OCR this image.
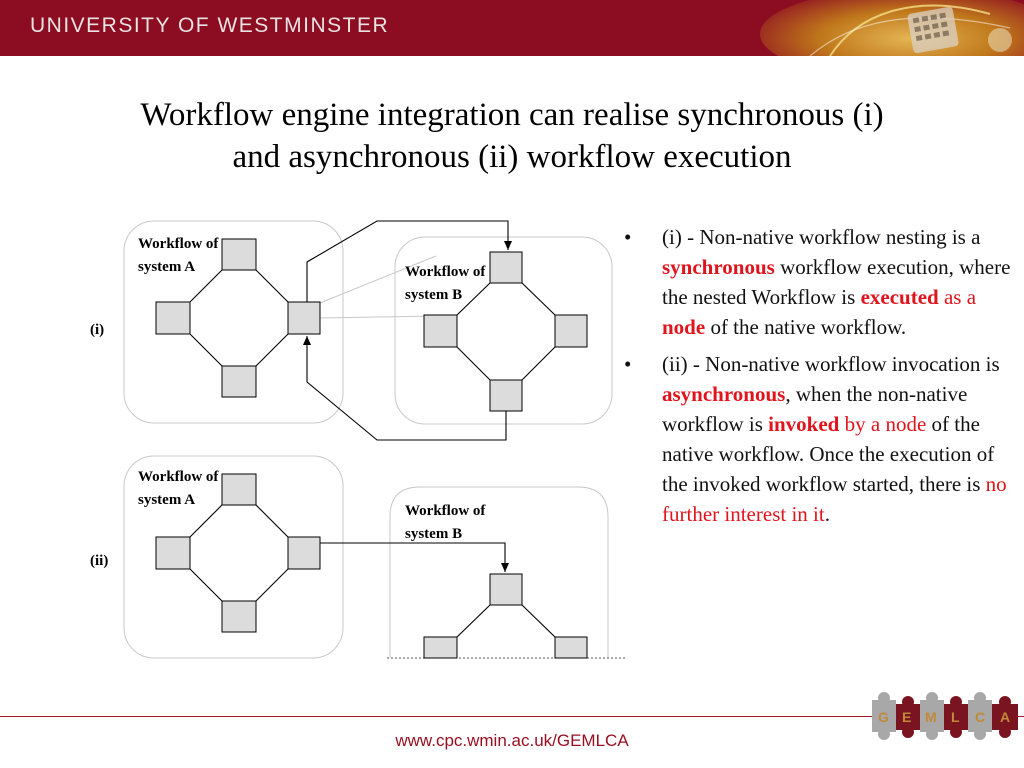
UNIVERSITY OF WESTMINSTER
Workflow engine integration can realise synchronous (i)
and asynchronous (ii) workflow execution
(i)
Workflow of system A	Workflow of system B
(ii)
Workflow of system A
Workflow of system B
• (i) - Non-native workflow nesting is a synchronous workflow execution, where the nested Workflow is executed as a node of the native workflow.
• (ii) - Non-native workflow invocation is asynchronous, when the non-native workflow is invoked by a node of the native workflow. Once the execution of the invoked workflow started, there is no further interest in it.
www.cpc.wmin.ac.uk/GEMLCA
G E M L C A
